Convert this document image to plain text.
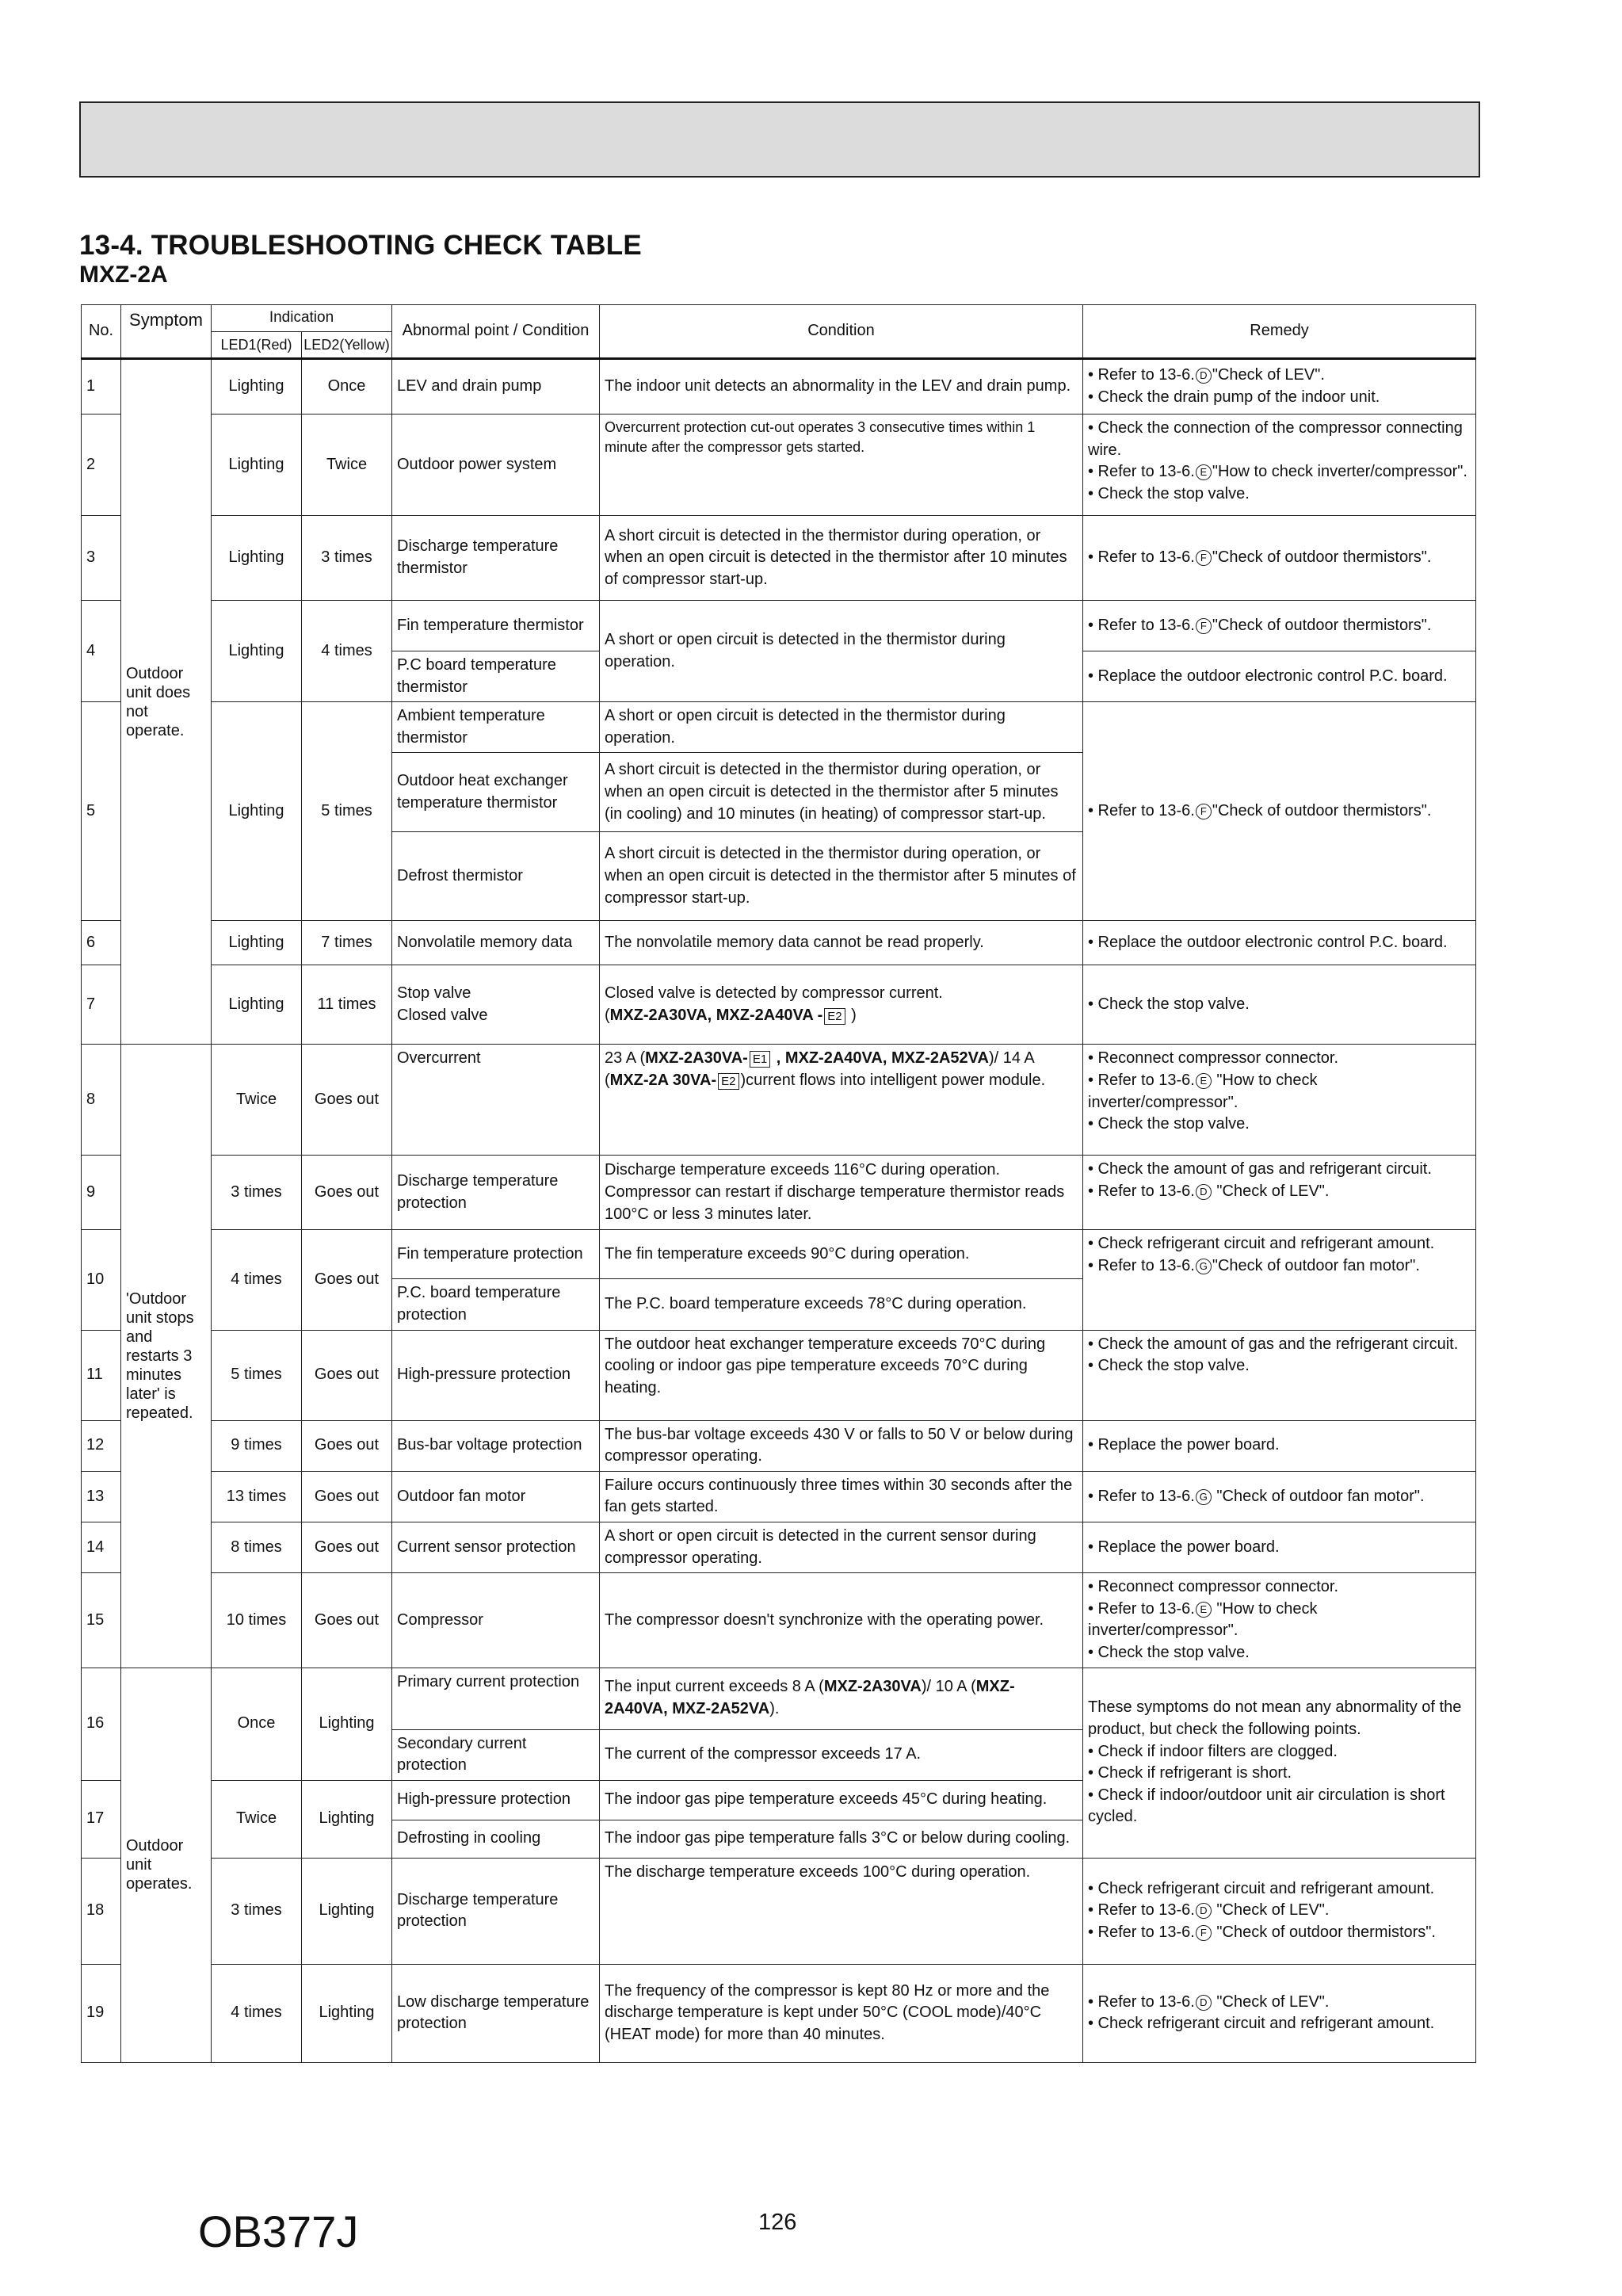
13-4. TROUBLESHOOTING CHECK TABLE
MXZ-2A
No.	Symptom	Indication		Abnormal point / Condition	Condition	Remedy
		LED1(Red)	LED2(Yellow)			
1	Outdoor unit does not operate.	Lighting	Once	LEV and drain pump	The indoor unit detects an abnormality in the LEV and drain pump.	• Refer to 13-6. D "Check of LEV".
• Check the drain pump of the indoor unit.

2		Lighting	Twice	Outdoor power system	Overcurrent protection cut-out operates 3 consecutive times within 1 minute after the compressor gets started.	• Check the connection of the compressor connecting wire.
• Refer to 13-6. E "How to check inverter/compressor".
• Check the stop valve.

3		Lighting	3 times	Discharge temperature thermistor	A short circuit is detected in the thermistor during operation, or when an open circuit is detected in the thermistor after 10 minutes of compressor start-up.	• Refer to 13-6. F "Check of outdoor thermistors".

4		Lighting	4 times	Fin temperature thermistor	A short or open circuit is detected in the thermistor during operation.	• Refer to 13-6. F "Check of outdoor thermistors".

				P.C board temperature thermistor		• Replace the outdoor electronic control P.C. board.
5		Lighting	5 times	Ambient temperature thermistor	A short or open circuit is detected in the thermistor during operation.	• Refer to 13-6. F "Check of outdoor thermistors".

				Outdoor heat exchanger temperature thermistor	A short circuit is detected in the thermistor during operation, or when an open circuit is detected in the thermistor after 5 minutes (in cooling) and 10 minutes (in heating) of compressor start-up.	
				Defrost thermistor	A short circuit is detected in the thermistor during operation, or when an open circuit is detected in the thermistor after 5 minutes of compressor start-up.	
6		Lighting	7 times	Nonvolatile memory data	The nonvolatile memory data cannot be read properly.	• Replace the outdoor electronic control P.C. board.
7		Lighting	11 times	Stop valve
Closed valve	Closed valve is detected by compressor current.
(MXZ-2A30VA, MXZ-2A40VA - E2 )	• Check the stop valve.
8	'Outdoor unit stops and restarts 3 minutes later' is repeated.	Twice	Goes out	Overcurrent	23 A (MXZ-2A30VA- E1 , MXZ-2A40VA, MXZ-2A52VA)/ 14 A (MXZ-2A 30VA- E2 )current flows into intelligent power module.	• Reconnect compressor connector.
• Refer to 13-6. E "How to check inverter/compressor".
• Check the stop valve.

9		3 times	Goes out	Discharge temperature protection	Discharge temperature exceeds 116°C during operation. Compressor can restart if discharge temperature thermistor reads 100°C or less 3 minutes later.	• Check the amount of gas and refrigerant circuit.
• Refer to 13-6. D "Check of LEV".

10		4 times	Goes out	Fin temperature protection	The fin temperature exceeds 90°C during operation.	• Check refrigerant circuit and refrigerant amount.
• Refer to 13-6. G "Check of outdoor fan motor".

				P.C. board temperature protection	The P.C. board temperature exceeds 78°C during operation.	
11		5 times	Goes out	High-pressure protection	The outdoor heat exchanger temperature exceeds 70°C during cooling or indoor gas pipe temperature exceeds 70°C during heating.	• Check the amount of gas and the refrigerant circuit.
• Check the stop valve.

12		9 times	Goes out	Bus-bar voltage protection	The bus-bar voltage exceeds 430 V or falls to 50 V or below during compressor operating.	• Replace the power board.
13		13 times	Goes out	Outdoor fan motor	Failure occurs continuously three times within 30 seconds after the fan gets started.	• Refer to 13-6. G "Check of outdoor fan motor".

14		8 times	Goes out	Current sensor protection	A short or open circuit is detected in the current sensor during compressor operating.	• Replace the power board.
15		10 times	Goes out	Compressor	The compressor doesn't synchronize with the operating power.	• Reconnect compressor connector.
• Refer to 13-6. E "How to check inverter/compressor".
• Check the stop valve.

16	Outdoor unit operates.	Once	Lighting	Primary current protection	The input current exceeds 8 A (MXZ-2A30VA)/ 10 A (MXZ-2A40VA, MXZ-2A52VA).	These symptoms do not mean any abnormality of the product, but check the following points.
• Check if indoor filters are clogged.
• Check if refrigerant is short.
• Check if indoor/outdoor unit air circulation is short cycled.

				Secondary current protection	The current of the compressor exceeds 17 A.	
17		Twice	Lighting	High-pressure protection	The indoor gas pipe temperature exceeds 45°C during heating.	
				Defrosting in cooling	The indoor gas pipe temperature falls 3°C or below during cooling.	
18		3 times	Lighting	Discharge temperature protection	The discharge temperature exceeds 100°C during operation.	• Check refrigerant circuit and refrigerant amount.
• Refer to 13-6. D "Check of LEV".
• Refer to 13-6. F "Check of outdoor thermistors".

19		4 times	Lighting	Low discharge temperature protection	The frequency of the compressor is kept 80 Hz or more and the discharge temperature is kept under 50°C (COOL mode)/40°C (HEAT mode) for more than 40 minutes.	• Refer to 13-6. D "Check of LEV".
• Check refrigerant circuit and refrigerant amount.

OB377J	126
